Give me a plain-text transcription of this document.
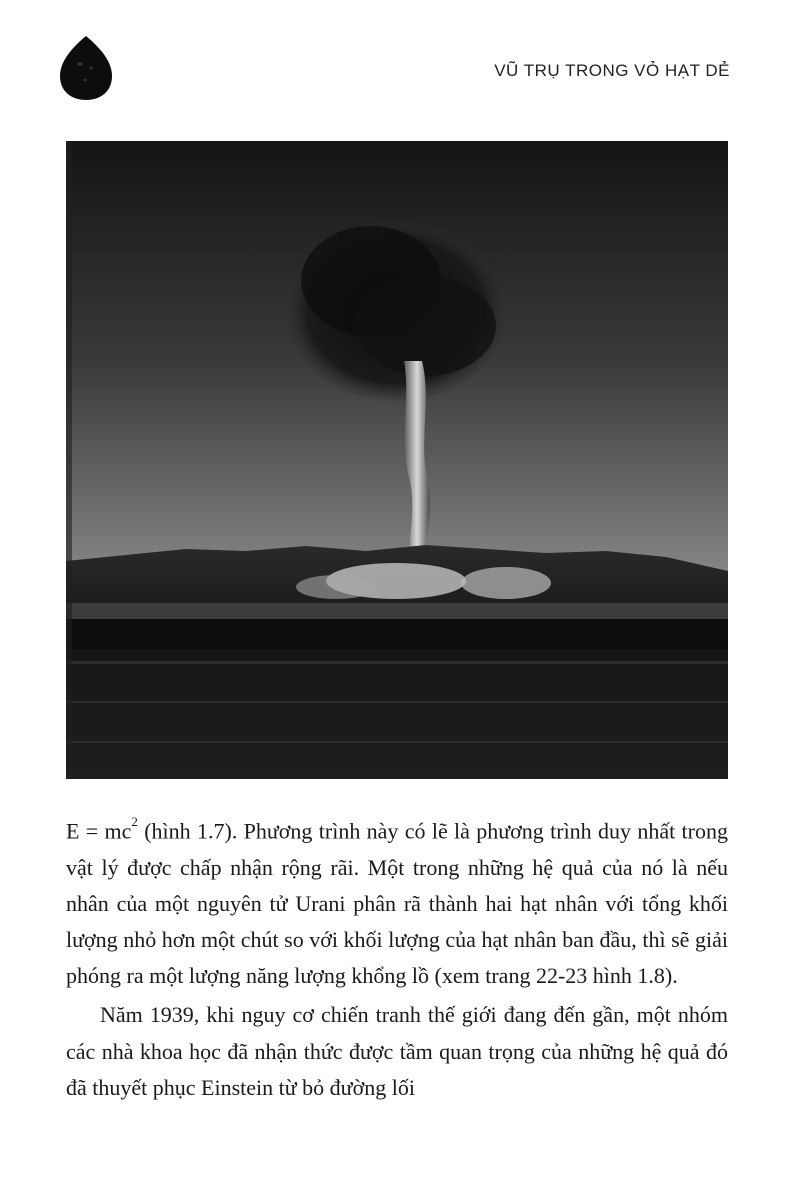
VŨ TRỤ TRONG VỎ HẠT DẺ

$E = mc^2$ (hình 1.7). Phương trình này có lẽ là phương trình duy nhất trong vật lý được chấp nhận rộng rãi. Một trong những hệ quả của nó là nếu nhân của một nguyên tử Urani phân rã thành hai hạt nhân với tổng khối lượng nhỏ hơn một chút so với khối lượng của hạt nhân ban đầu, thì sẽ giải phóng ra một lượng năng lượng khổng lồ (xem trang 22-23 hình 1.8).

Năm 1939, khi nguy cơ chiến tranh thế giới đang đến gần, một nhóm các nhà khoa học đã nhận thức được tầm quan trọng của những hệ quả đó đã thuyết phục Einstein từ bỏ đường lối
